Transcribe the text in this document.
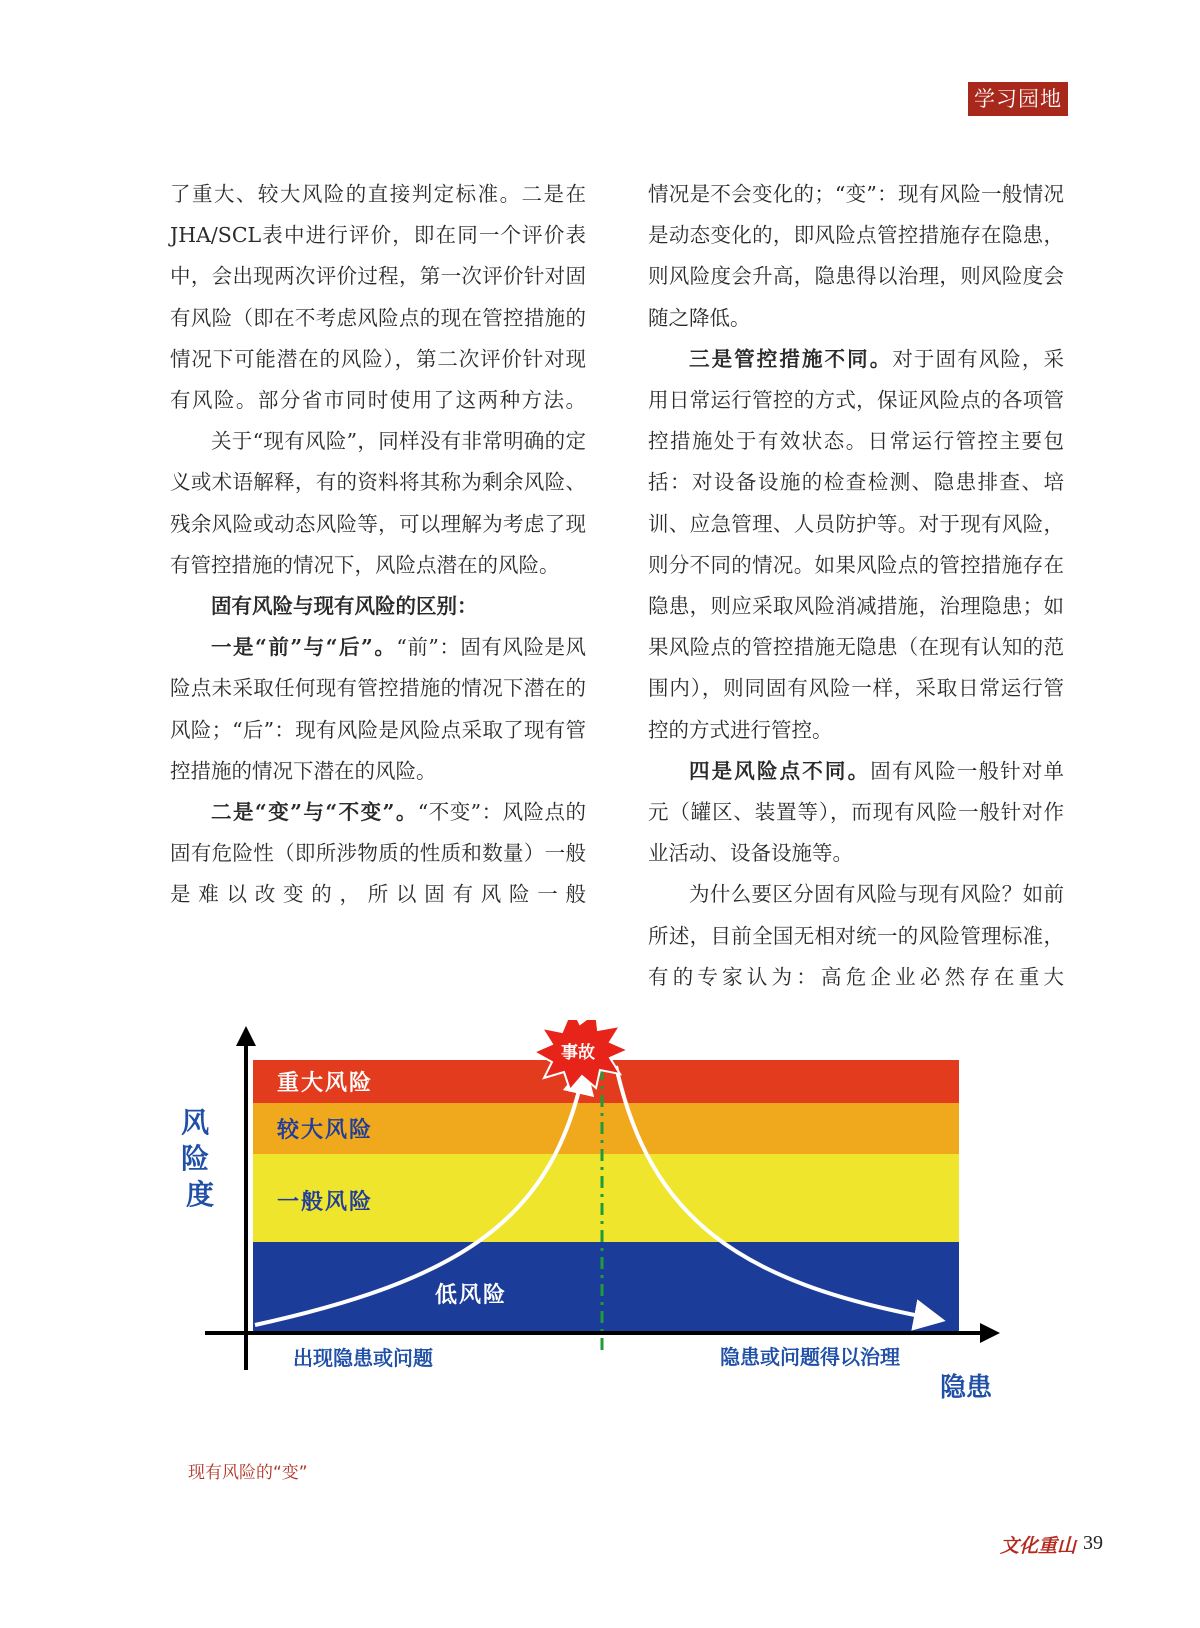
学习园地

了重大、较大风险的直接判定标准。二是在JHA/SCL表中进行评价，即在同一个评价表中，会出现两次评价过程，第一次评价针对固有风险（即在不考虑风险点的现在管控措施的情况下可能潜在的风险），第二次评价针对现有风险。部分省市同时使用了这两种方法。

关于“现有风险”，同样没有非常明确的定义或术语解释，有的资料将其称为剩余风险、残余风险或动态风险等，可以理解为考虑了现有管控措施的情况下，风险点潜在的风险。

固有风险与现有风险的区别：

一是“前”与“后”。“前”：固有风险是风险点未采取任何现有管控措施的情况下潜在的风险；“后”：现有风险是风险点采取了现有管控措施的情况下潜在的风险。

二是“变”与“不变”。“不变”：风险点的固有危险性（即所涉物质的性质和数量）一般是难以改变的，所以固有风险一般

情况是不会变化的；“变”：现有风险一般情况是动态变化的，即风险点管控措施存在隐患，则风险度会升高，隐患得以治理，则风险度会随之降低。

三是管控措施不同。对于固有风险，采用日常运行管控的方式，保证风险点的各项管控措施处于有效状态。日常运行管控主要包括：对设备设施的检查检测、隐患排查、培训、应急管理、人员防护等。对于现有风险，则分不同的情况。如果风险点的管控措施存在隐患，则应采取风险消减措施，治理隐患；如果风险点的管控措施无隐患（在现有认知的范围内），则同固有风险一样，采取日常运行管控的方式进行管控。

四是风险点不同。固有风险一般针对单元（罐区、装置等），而现有风险一般针对作业活动、设备设施等。

为什么要区分固有风险与现有风险？如前所述，目前全国无相对统一的风险管理标准，有的专家认为：高危企业必然存在重大

重大风险
较大风险
一般风险
低风险
事故
风 险 度
出现隐患或问题	隐患或问题得以治理
隐患
现有风险的“变”
文化重山 39
